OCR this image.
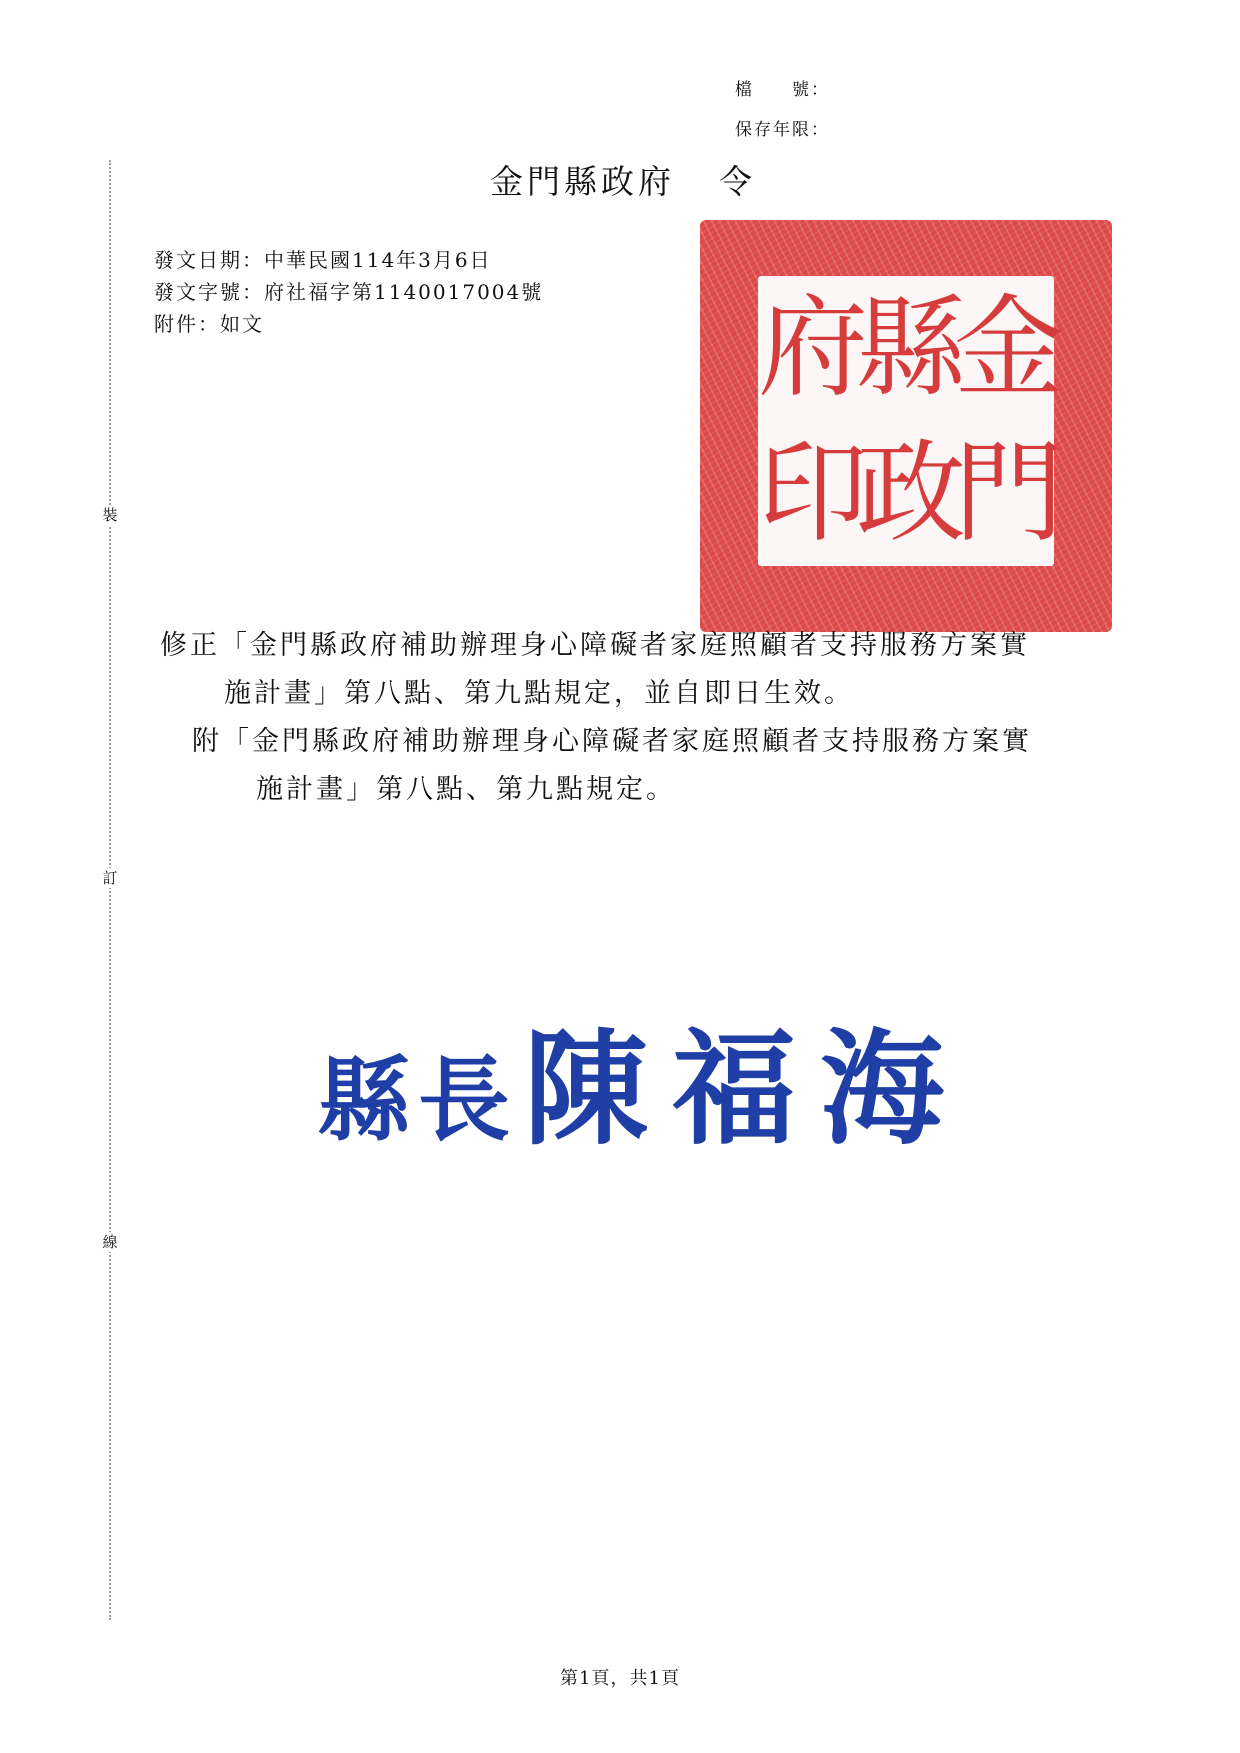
裝
訂
線
檔　　號：
保存年限：
金門縣政府 令
發文日期：中華民國114年3月6日
發文字號：府社福字第1140017004號
附件：如文	金
門
縣
政
府
印

修正「金門縣政府補助辦理身心障礙者家庭照顧者支持服務方案實

施計畫」第八點、第九點規定，並自即日生效。

附「金門縣政府補助辦理身心障礙者家庭照顧者支持服務方案實

施計畫」第八點、第九點規定。

縣長陳福海
第1頁，共1頁
